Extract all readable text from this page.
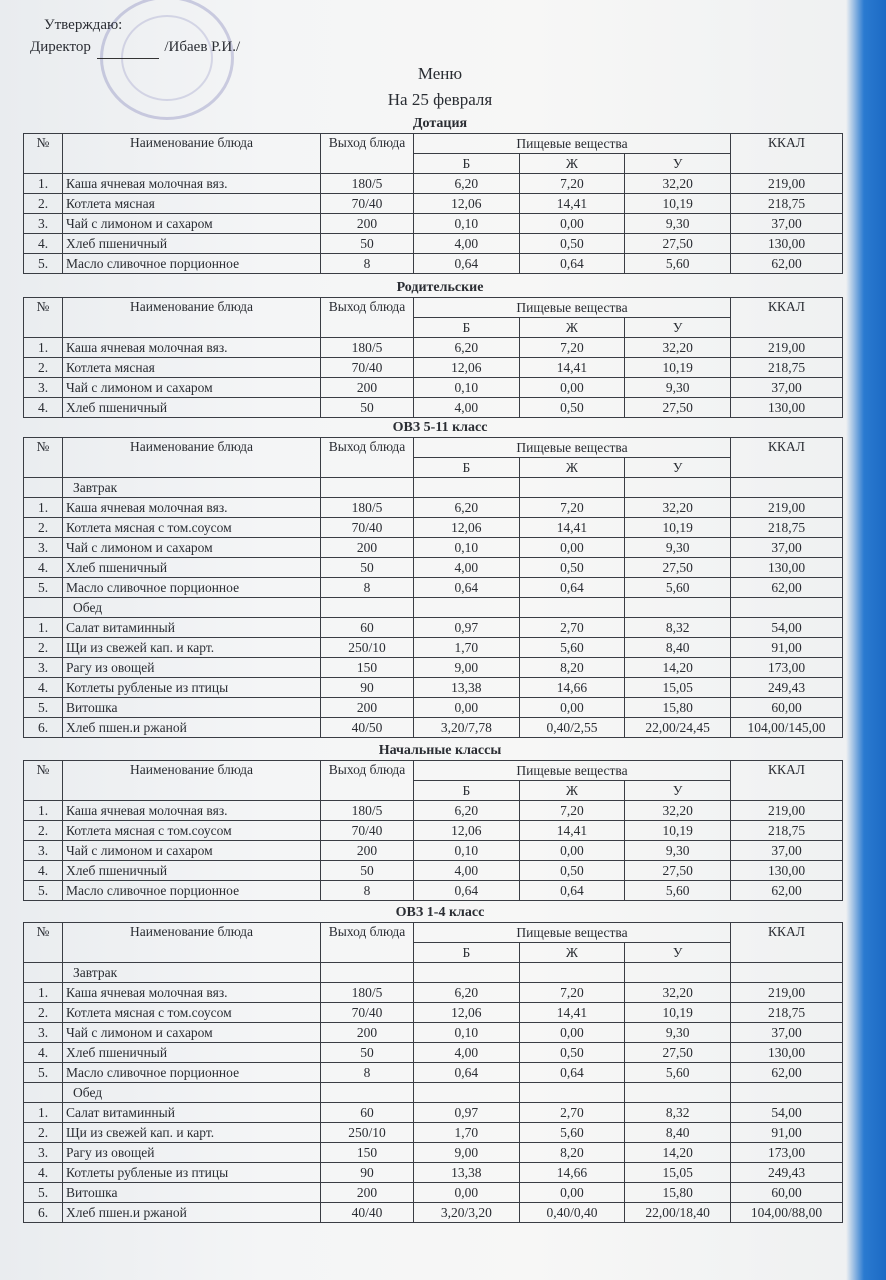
Утверждаю:
Директор	/Ибаев Р.И./
Меню
На 25 февраля
Дотация
№	Наименование блюда	Выход блюда	Пищевые вещества			ККАЛ
			Б	Ж	У	
1.	Каша ячневая молочная вяз.	180/5	6,20	7,20	32,20	219,00
2.	Котлета мясная	70/40	12,06	14,41	10,19	218,75
3.	Чай с лимоном и сахаром	200	0,10	0,00	9,30	37,00
4.	Хлеб пшеничный	50	4,00	0,50	27,50	130,00
5.	Масло сливочное порционное	8	0,64	0,64	5,60	62,00
Родительские
№	Наименование блюда	Выход блюда	Пищевые вещества			ККАЛ
			Б	Ж	У	
1.	Каша ячневая молочная вяз.	180/5	6,20	7,20	32,20	219,00
2.	Котлета мясная	70/40	12,06	14,41	10,19	218,75
3.	Чай с лимоном и сахаром	200	0,10	0,00	9,30	37,00
4.	Хлеб пшеничный	50	4,00	0,50	27,50	130,00
ОВЗ 5-11 класс
№	Наименование блюда	Выход блюда	Пищевые вещества			ККАЛ
			Б	Ж	У	
	Завтрак					
1.	Каша ячневая молочная вяз.	180/5	6,20	7,20	32,20	219,00
2.	Котлета мясная с том.соусом	70/40	12,06	14,41	10,19	218,75
3.	Чай с лимоном и сахаром	200	0,10	0,00	9,30	37,00
4.	Хлеб пшеничный	50	4,00	0,50	27,50	130,00
5.	Масло сливочное порционное	8	0,64	0,64	5,60	62,00
	Обед					
1.	Салат витаминный	60	0,97	2,70	8,32	54,00
2.	Щи из свежей кап. и карт.	250/10	1,70	5,60	8,40	91,00
3.	Рагу из овощей	150	9,00	8,20	14,20	173,00
4.	Котлеты рубленые из птицы	90	13,38	14,66	15,05	249,43
5.	Витошка	200	0,00	0,00	15,80	60,00
6.	Хлеб пшен.и ржаной	40/50	3,20/7,78	0,40/2,55	22,00/24,45	104,00/145,00
Начальные классы
№	Наименование блюда	Выход блюда	Пищевые вещества			ККАЛ
			Б	Ж	У	
1.	Каша ячневая молочная вяз.	180/5	6,20	7,20	32,20	219,00
2.	Котлета мясная с том.соусом	70/40	12,06	14,41	10,19	218,75
3.	Чай с лимоном и сахаром	200	0,10	0,00	9,30	37,00
4.	Хлеб пшеничный	50	4,00	0,50	27,50	130,00
5.	Масло сливочное порционное	8	0,64	0,64	5,60	62,00
ОВЗ 1-4 класс
№	Наименование блюда	Выход блюда	Пищевые вещества			ККАЛ
			Б	Ж	У	
	Завтрак					
1.	Каша ячневая молочная вяз.	180/5	6,20	7,20	32,20	219,00
2.	Котлета мясная с том.соусом	70/40	12,06	14,41	10,19	218,75
3.	Чай с лимоном и сахаром	200	0,10	0,00	9,30	37,00
4.	Хлеб пшеничный	50	4,00	0,50	27,50	130,00
5.	Масло сливочное порционное	8	0,64	0,64	5,60	62,00
	Обед					
1.	Салат витаминный	60	0,97	2,70	8,32	54,00
2.	Щи из свежей кап. и карт.	250/10	1,70	5,60	8,40	91,00
3.	Рагу из овощей	150	9,00	8,20	14,20	173,00
4.	Котлеты рубленые из птицы	90	13,38	14,66	15,05	249,43
5.	Витошка	200	0,00	0,00	15,80	60,00
6.	Хлеб пшен.и ржаной	40/40	3,20/3,20	0,40/0,40	22,00/18,40	104,00/88,00
